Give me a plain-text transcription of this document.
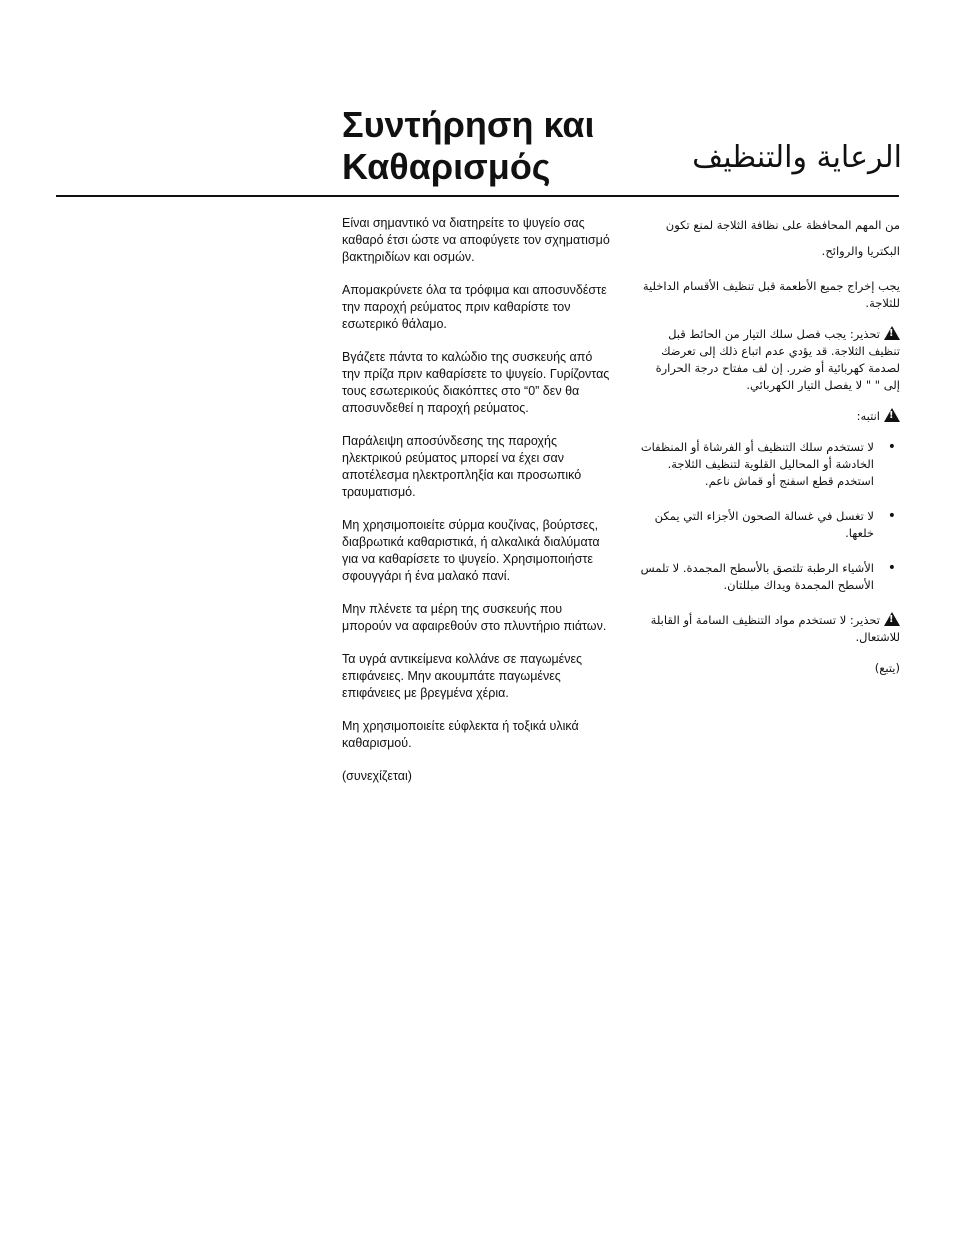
Συντήρηση και Καθαρισμός	الرعاية والتنظيف

Είναι σημαντικό να διατηρείτε το ψυγείο σας καθαρό έτσι ώστε να αποφύγετε τον σχηματισμό βακτηριδίων και οσμών.

Απομακρύνετε όλα τα τρόφιμα και αποσυνδέστε την παροχή ρεύματος πριν καθαρίστε τον εσωτερικό θάλαμο.

Βγάζετε πάντα το καλώδιο της συσκευής από την πρίζα πριν καθαρίσετε το ψυγείο. Γυρίζοντας τους εσωτερικούς διακόπτες στο “0” δεν θα αποσυνδεθεί η παροχή ρεύματος.

Παράλειψη αποσύνδεσης της παροχής ηλεκτρικού ρεύματος μπορεί να έχει σαν αποτέλεσμα ηλεκτροπληξία και προσωπικό τραυματισμό.

Μη χρησιμοποιείτε σύρμα κουζίνας, βούρτσες, διαβρωτικά καθαριστικά, ή αλκαλικά διαλύματα για να καθαρίσετε το ψυγείο. Χρησιμοποιήστε σφουγγάρι ή ένα μαλακό πανί.

Μην πλένετε τα μέρη της συσκευής που μπορούν να αφαιρεθούν στο πλυντήριο πιάτων.

Τα υγρά αντικείμενα κολλάνε σε παγωμένες επιφάνειες. Μην ακουμπάτε παγωμένες επιφάνειες με βρεγμένα χέρια.

Μη χρησιμοποιείτε εύφλεκτα ή τοξικά υλικά καθαρισμού.

(συνεχίζεται)

من المهم المحافظة على نظافة الثلاجة لمنع تكون البكتريا والروائح.

يجب إخراج جميع الأطعمة قبل تنظيف الأقسام الداخلية للثلاجة.

!تحذير: يجب فصل سلك التيار من الحائط قبل تنظيف الثلاجة. قد يؤدي عدم اتباع ذلك إلى تعرضك لصدمة كهربائية أو ضرر. إن لف مفتاح درجة الحرارة إلى " " لا يفصل التيار الكهربائي.

!انتبه:

• لا تستخدم سلك التنظيف أو الفرشاة أو المنظفات الخادشة أو المحاليل القلوية لتنظيف الثلاجة. استخدم قطع اسفنج أو قماش ناعم.
• لا تغسل في غسالة الصحون الأجزاء التي يمكن خلعها.
• الأشياء الرطبة تلتصق بالأسطح المجمدة. لا تلمس الأسطح المجمدة ويداك مبللتان.

!تحذير: لا تستخدم مواد التنظيف السامة أو القابلة للاشتعال.

(يتبع)
